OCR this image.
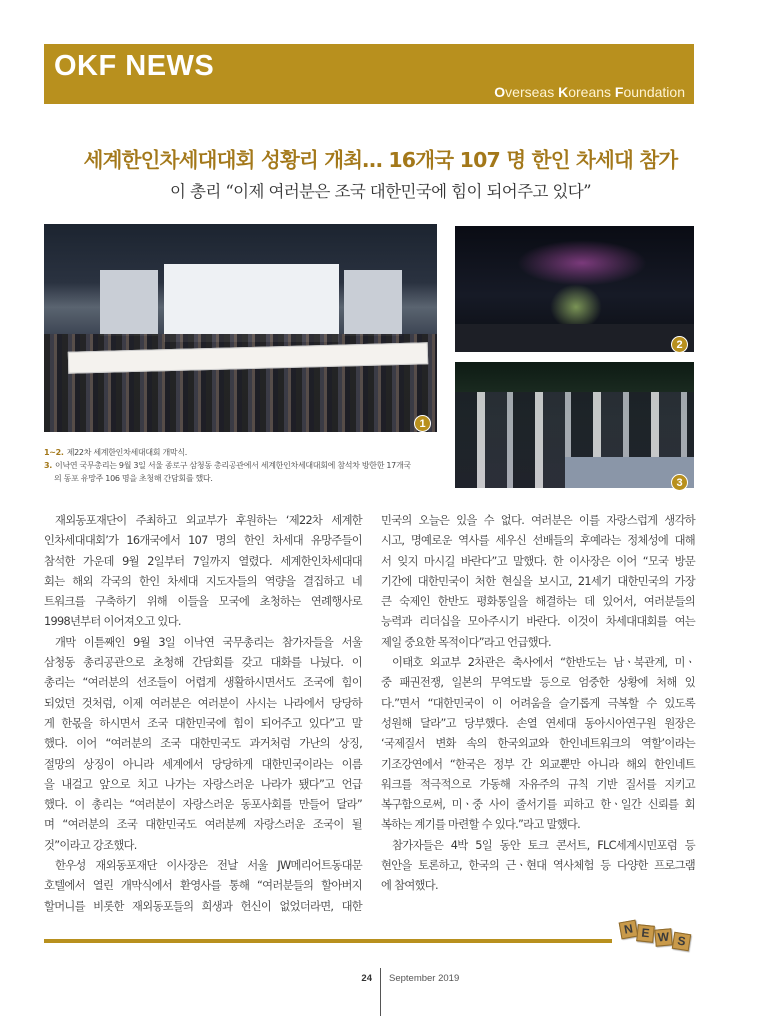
OKF NEWS
Overseas Koreans Foundation
세계한인차세대대회 성황리 개최… 16개국 107 명 한인 차세대 참가
이 총리 “이제 여러분은 조국 대한민국에 힘이 되어주고 있다”
1
2
3
1~2. 제22차 세계한인차세대대회 개막식.
3. 이낙연 국무총리는 9월 3일 서울 종로구 삼청동 총리공관에서 세계한인차세대대회에 참석차 방한한 17개국
의 동포 유망주 106 명을 초청해 간담회를 했다.
재외동포재단이 주최하고 외교부가 후원하는 ‘제22차 세계한
인차세대대회’가 16개국에서 107 명의 한인 차세대 유망주들이
참석한 가운데 9월 2일부터 7일까지 열렸다. 세계한인차세대대
회는 해외 각국의 한인 차세대 지도자들의 역량을 결집하고 네
트워크를 구축하기 위해 이들을 모국에 초청하는 연례행사로
1998년부터 이어져오고 있다.
개막 이튿째인 9월 3일 이낙연 국무총리는 참가자들을 서울
삼청동 총리공관으로 초청해 간담회를 갖고 대화를 나눴다. 이
총리는 “여러분의 선조들이 어렵게 생활하시면서도 조국에 힘이
되었던 것처럼, 이제 여러분은 여러분이 사시는 나라에서 당당하
게 한몫을 하시면서 조국 대한민국에 힘이 되어주고 있다”고 말
했다. 이어 “여러분의 조국 대한민국도 과거처럼 가난의 상징,
절망의 상징이 아니라 세계에서 당당하게 대한민국이라는 이름
을 내걸고 앞으로 치고 나가는 자랑스러운 나라가 됐다”고 언급
했다. 이 총리는 “여러분이 자랑스러운 동포사회를 만들어 달라”
며 “여러분의 조국 대한민국도 여러분께 자랑스러운 조국이 될
것”이라고 강조했다.
한우성 재외동포재단 이사장은 전날 서울 JW메리어트동대문
호텔에서 열린 개막식에서 환영사를 통해 “여러분들의 할아버지
할머니를 비롯한 재외동포들의 희생과 헌신이 없었더라면, 대한
민국의 오늘은 있을 수 없다. 여러분은 이를 자랑스럽게 생각하
시고, 명예로운 역사를 세우신 선배들의 후예라는 정체성에 대해
서 잊지 마시길 바란다”고 말했다. 한 이사장은 이어 “모국 방문
기간에 대한민국이 처한 현실을 보시고, 21세기 대한민국의 가장
큰 숙제인 한반도 평화통일을 해결하는 데 있어서, 여러분들의
능력과 리더십을 모아주시기 바란다. 이것이 차세대대회를 여는
제일 중요한 목적이다”라고 언급했다.
이태호 외교부 2차관은 축사에서 “한반도는 남ㆍ북관계, 미ㆍ
중 패권전쟁, 일본의 무역도발 등으로 엄중한 상황에 처해 있
다.”면서 “대한민국이 이 어려움을 슬기롭게 극복할 수 있도록
성원해 달라”고 당부했다. 손열 연세대 동아시아연구원 원장은
‘국제질서 변화 속의 한국외교와 한인네트워크의 역할’이라는
기조강연에서 “한국은 정부 간 외교뿐만 아니라 해외 한인네트
워크를 적극적으로 가동해 자유주의 규칙 기반 질서를 지키고
복구함으로써, 미ㆍ중 사이 줄서기를 피하고 한ㆍ일간 신뢰를 회
복하는 계기를 마련할 수 있다.”라고 말했다.
참가자들은 4박 5일 동안 토크 콘서트, FLC세계시민포럼 등
현안을 토론하고, 한국의 근ㆍ현대 역사체험 등 다양한 프로그램
에 참여했다.
N E W S
24 September 2019
